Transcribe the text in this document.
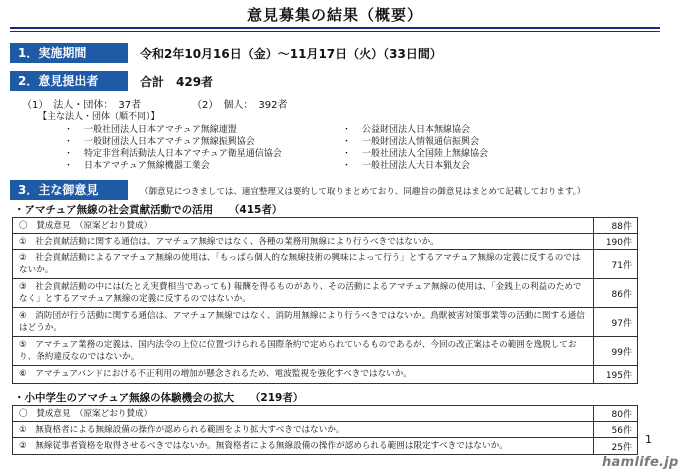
意見募集の結果（概要）
1．実施期間	令和2年10月16日（金）～11月17日（火）（33日間）
2．意見提出者	合計　429者
（1）　法人・団体：　37者	（2）　個人：　392者
【主な法人・団体（順不同）】
・ 一般社団法人日本アマチュア無線連盟
・ 一般財団法人日本アマチュア無線振興協会
・ 特定非営利活動法人日本アマチュア衛星通信協会
・ 日本アマチュア無線機器工業会
・ 公益財団法人日本無線協会
・ 一般財団法人情報通信振興会
・ 一般社団法人全国陸上無線協会
・ 一般社団法人大日本猟友会
3．主な御意見	（御意見につきましては、適宜整理又は要約して取りまとめており、同趣旨の御意見はまとめて記載しております。）
・アマチュア無線の社会貢献活動での活用　　（415者）
〇　賛成意見　（原案どおり賛成）	88件
①　社会貢献活動に関する通信は、アマチュア無線ではなく、各種の業務用無線により行うべきではないか。	190件
②　社会貢献活動によるアマチュア無線の使用は、「もっぱら個人的な無線技術の興味によって行う」とするアマチュア無線の定義に反するのではないか。	71件
③　社会貢献活動の中には(たとえ実費相当であっても) 報酬を得るものがあり、その活動によるアマチュア無線の使用は、「金銭上の利益のためでなく」とするアマチュア無線の定義に反するのではないか。	86件
④　消防団が行う活動に関する通信は、アマチュア無線ではなく、消防用無線により行うべきではないか。鳥獣被害対策事業等の活動に関する通信はどうか。	97件
⑤　アマチュア業務の定義は、国内法令の上位に位置づけられる国際条約で定められているものであるが、今回の改正案はその範囲を逸脱しており、条約違反なのではないか。	99件
⑥　アマチュアバンドにおける不正利用の増加が懸念されるため、電波監視を強化すべきではないか。	195件
・小中学生のアマチュア無線の体験機会の拡大　　（219者）
〇　賛成意見　（原案どおり賛成）	80件
①　無資格者による無線設備の操作が認められる範囲をより拡大すべきではないか。	56件
②　無線従事者資格を取得させるべきではないか。無資格者による無線設備の操作が認められる範囲は限定すべきではないか。	25件
1
hamlife.jp
